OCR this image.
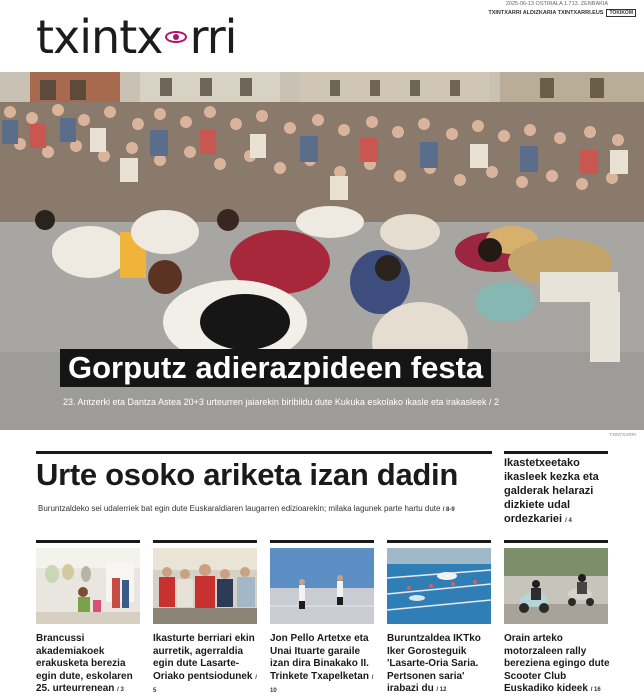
txintx rri
2025-06-13 OSTIRALA 1.713. ZENBAKIA
TXINTXARRI ALDIZKARIA TXINTXARRI.EUS TOKIKOM
Gorputz adierazpideen festa
23. Antzerki eta Dantza Astea 20+3 urteurren jaiarekin biribildu dute Kukuka eskolako ikasle eta irakasleek / 2
TXINTXARRI
Urte osoko ariketa izan dadin
Buruntzaldeko sei udalerriek bat egin dute Euskaraldiaren laugarren edizioarekin; milaka lagunek parte hartu dute / 8-9
Ikastetxeetako ikasleek kezka eta galderak helarazi dizkiete udal ordezkariei / 4
Brancussi akademiakoek erakusketa berezia egin dute, eskolaren 25. urteurrenean / 3
Ikasturte berriari ekin aurretik, agerraldia egin dute Lasarte-Oriako pentsiodunek / 5
Jon Pello Artetxe eta Unai Ituarte garaile izan dira Binakako II. Trinkete Txapelketan / 10
Buruntzaldea IKTko Iker Gorosteguik 'Lasarte-Oria Saria. Pertsonen saria' irabazi du / 12
Orain arteko motorzaleen rally bereziena egingo dute Scooter Club Euskadiko kideek / 16
